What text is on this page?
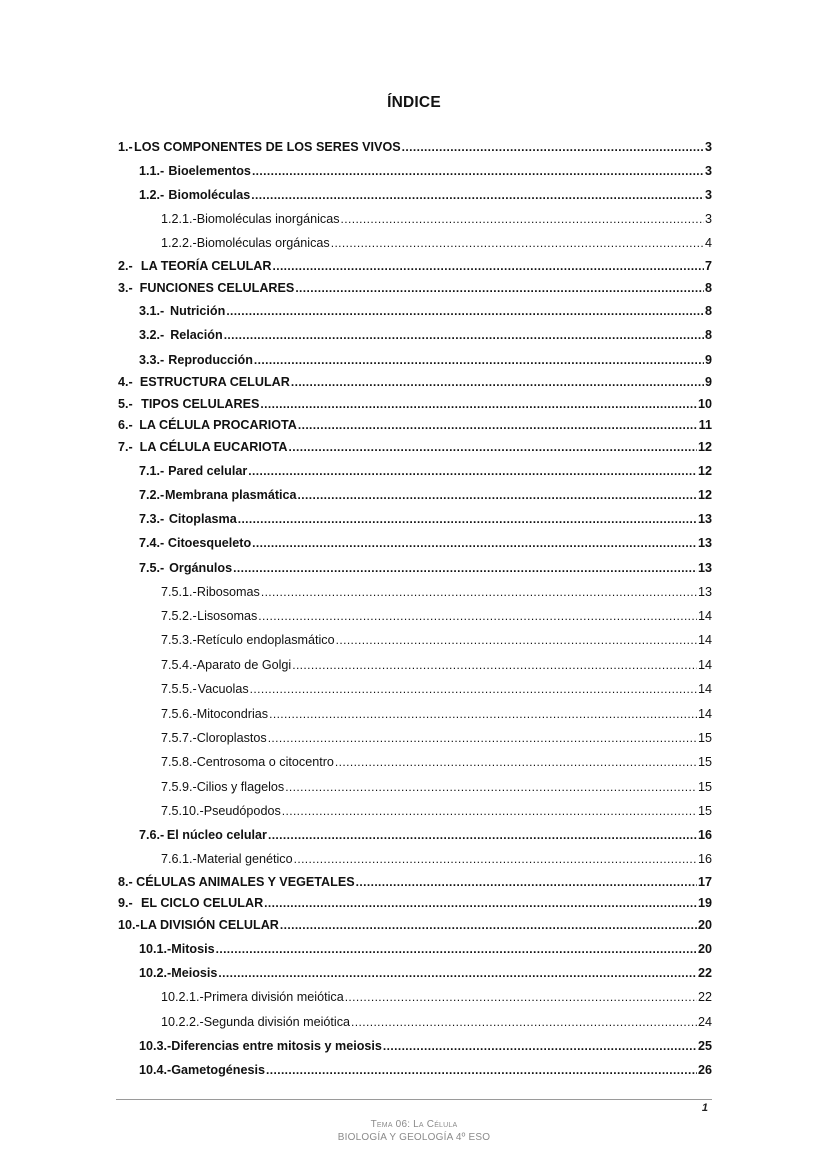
ÍNDICE
1.- LOS COMPONENTES DE LOS SERES VIVOS .....	3
1.1.- Bioelementos .....	3
1.2.- Biomoléculas .....	3
1.2.1.- Biomoléculas inorgánicas .....	3
1.2.2.- Biomoléculas orgánicas .....	4
2.- LA TEORÍA CELULAR .....	7
3.- FUNCIONES CELULARES .....	8
3.1.- Nutrición .....	8
3.2.- Relación .....	8
3.3.- Reproducción .....	9
4.- ESTRUCTURA CELULAR .....	9
5.- TIPOS CELULARES .....	10
6.- LA CÉLULA PROCARIOTA .....	11
7.- LA CÉLULA EUCARIOTA .....	12
7.1.- Pared celular .....	12
7.2.- Membrana plasmática .....	12
7.3.- Citoplasma .....	13
7.4.- Citoesqueleto .....	13
7.5.- Orgánulos .....	13
7.5.1.- Ribosomas .....	13
7.5.2.- Lisosomas .....	14
7.5.3.- Retículo endoplasmático .....	14
7.5.4.- Aparato de Golgi .....	14
7.5.5.- Vacuolas .....	14
7.5.6.- Mitocondrias .....	14
7.5.7.- Cloroplastos .....	15
7.5.8.- Centrosoma o citocentro .....	15
7.5.9.- Cilios y flagelos .....	15
7.5.10.- Pseudópodos .....	15
7.6.- El núcleo celular .....	16
7.6.1.- Material genético .....	16
8.- CÉLULAS ANIMALES Y VEGETALES .....	17
9.- EL CICLO CELULAR .....	19
10.- LA DIVISIÓN CELULAR .....	20
10.1.- Mitosis .....	20
10.2.- Meiosis .....	22
10.2.1.- Primera división meiótica .....	22
10.2.2.- Segunda división meiótica .....	24
10.3.- Diferencias entre mitosis y meiosis .....	25
10.4.- Gametogénesis .....	26
1
Tema 06: La Célula
BIOLOGÍA Y GEOLOGÍA 4º ESO
